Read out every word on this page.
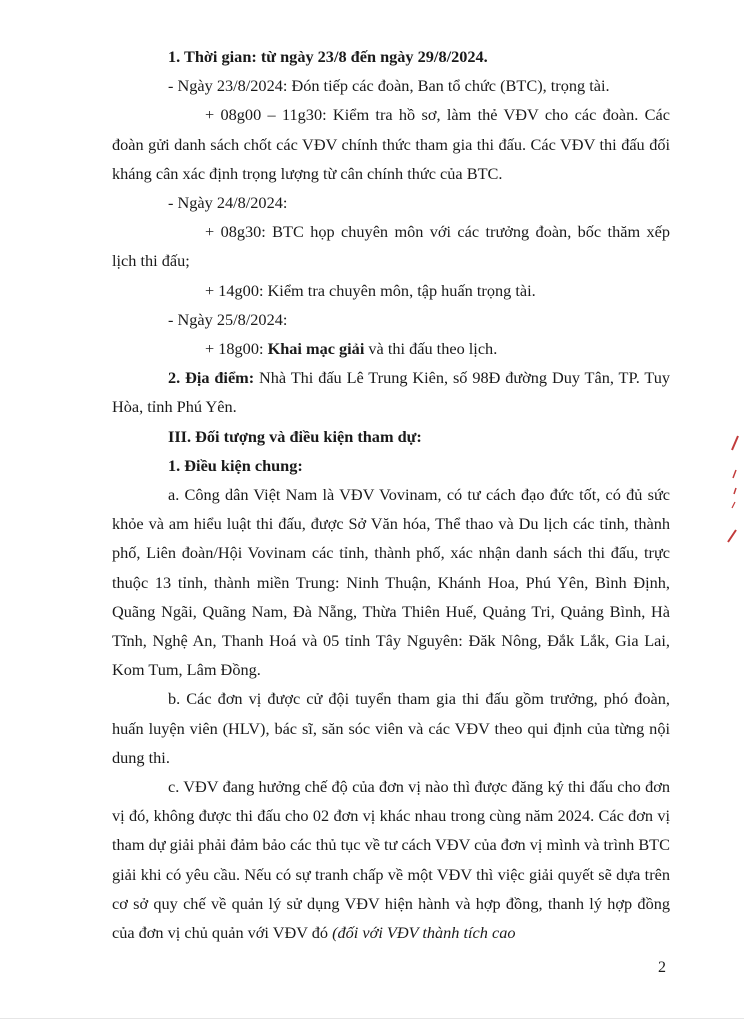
1. Thời gian: từ ngày 23/8 đến ngày 29/8/2024.

- Ngày 23/8/2024: Đón tiếp các đoàn, Ban tổ chức (BTC), trọng tài.

+ 08g00 – 11g30: Kiểm tra hồ sơ, làm thẻ VĐV cho các đoàn. Các đoàn gửi danh sách chốt các VĐV chính thức tham gia thi đấu. Các VĐV thi đấu đối kháng cân xác định trọng lượng từ cân chính thức của BTC.

- Ngày 24/8/2024:

+ 08g30: BTC họp chuyên môn với các trưởng đoàn, bốc thăm xếp lịch thi đấu;

+ 14g00: Kiểm tra chuyên môn, tập huấn trọng tài.

- Ngày 25/8/2024:

+ 18g00: Khai mạc giải và thi đấu theo lịch.

2. Địa điểm: Nhà Thi đấu Lê Trung Kiên, số 98Đ đường Duy Tân, TP. Tuy Hòa, tỉnh Phú Yên.

III. Đối tượng và điều kiện tham dự:

1. Điều kiện chung:

a. Công dân Việt Nam là VĐV Vovinam, có tư cách đạo đức tốt, có đủ sức khỏe và am hiểu luật thi đấu, được Sở Văn hóa, Thể thao và Du lịch các tỉnh, thành phố, Liên đoàn/Hội Vovinam các tỉnh, thành phố, xác nhận danh sách thi đấu, trực thuộc 13 tỉnh, thành miền Trung: Ninh Thuận, Khánh Hoa, Phú Yên, Bình Định, Quãng Ngãi, Quãng Nam, Đà Nẵng, Thừa Thiên Huế, Quảng Tri, Quảng Bình, Hà Tĩnh, Nghệ An, Thanh Hoá và 05 tỉnh Tây Nguyên: Đăk Nông, Đắk Lắk, Gia Lai, Kom Tum, Lâm Đồng.

b. Các đơn vị được cử đội tuyển tham gia thi đấu gồm trưởng, phó đoàn, huấn luyện viên (HLV), bác sĩ, săn sóc viên và các VĐV theo qui định của từng nội dung thi.

c. VĐV đang hưởng chế độ của đơn vị nào thì được đăng ký thi đấu cho đơn vị đó, không được thi đấu cho 02 đơn vị khác nhau trong cùng năm 2024. Các đơn vị tham dự giải phải đảm bảo các thủ tục về tư cách VĐV của đơn vị mình và trình BTC giải khi có yêu cầu. Nếu có sự tranh chấp về một VĐV thì việc giải quyết sẽ dựa trên cơ sở quy chế về quản lý sử dụng VĐV hiện hành và hợp đồng, thanh lý hợp đồng của đơn vị chủ quản với VĐV đó (đối với VĐV thành tích cao

2
